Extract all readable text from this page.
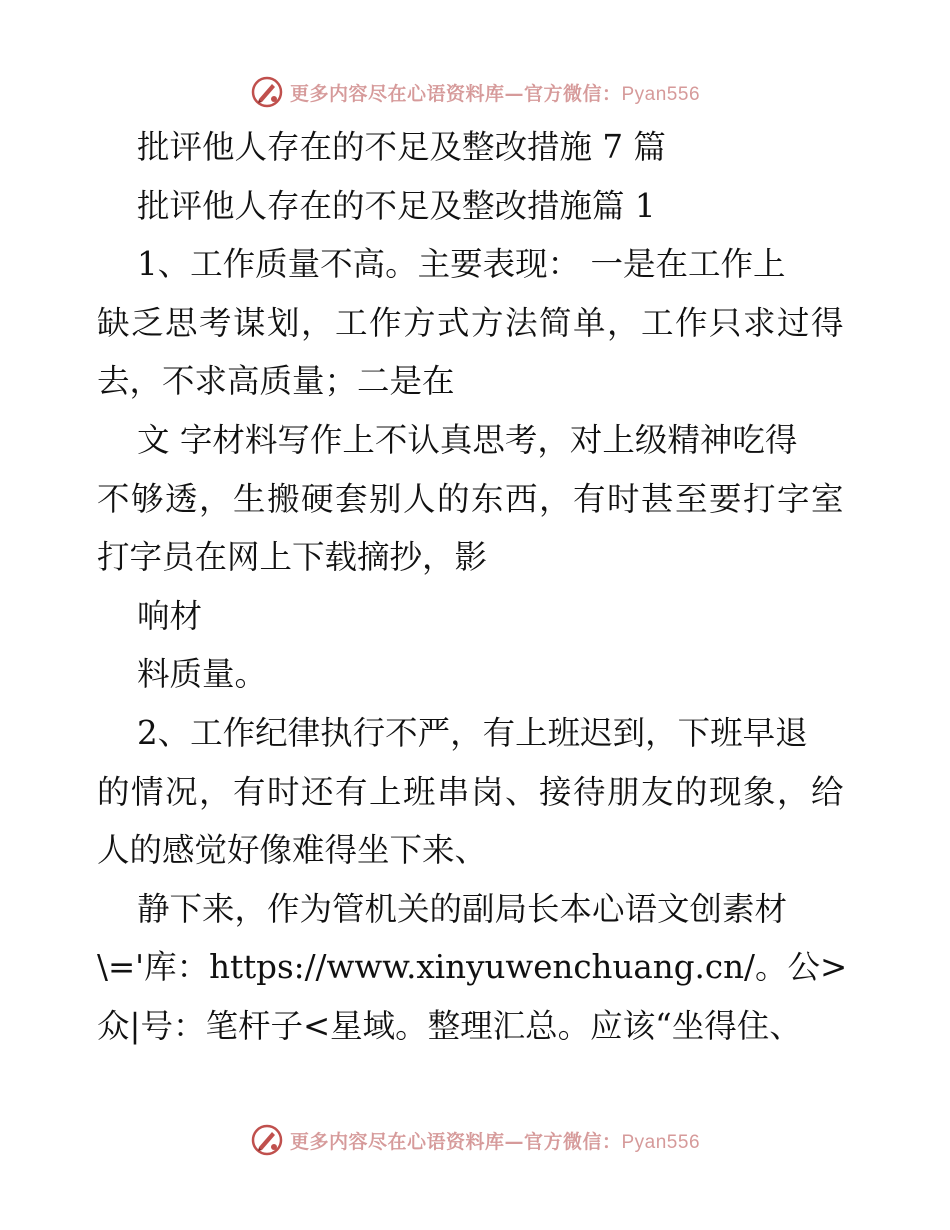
更多内容尽在心语资料库—官方微信：Pyan556
批评他人存在的不足及整改措施 7 篇
批评他人存在的不足及整改措施篇 1
1、工作质量不高。主要表现： 一是在工作上
缺乏思考谋划，工作方式方法简单，工作只求过得
去，不求高质量；二是在
文 字材料写作上不认真思考，对上级精神吃得
不够透，生搬硬套别人的东西，有时甚至要打字室
打字员在网上下载摘抄，影
响材
料质量。
2、工作纪律执行不严，有上班迟到，下班早退
的情况，有时还有上班串岗、接待朋友的现象，给
人的感觉好像难得坐下来、
静下来，作为管机关的副局长本心语文创素材
\='库：https://www.xinyuwenchuang.cn/。公>
众|号：笔杆子<星域。整理汇总。应该“坐得住、
更多内容尽在心语资料库—官方微信：Pyan556
